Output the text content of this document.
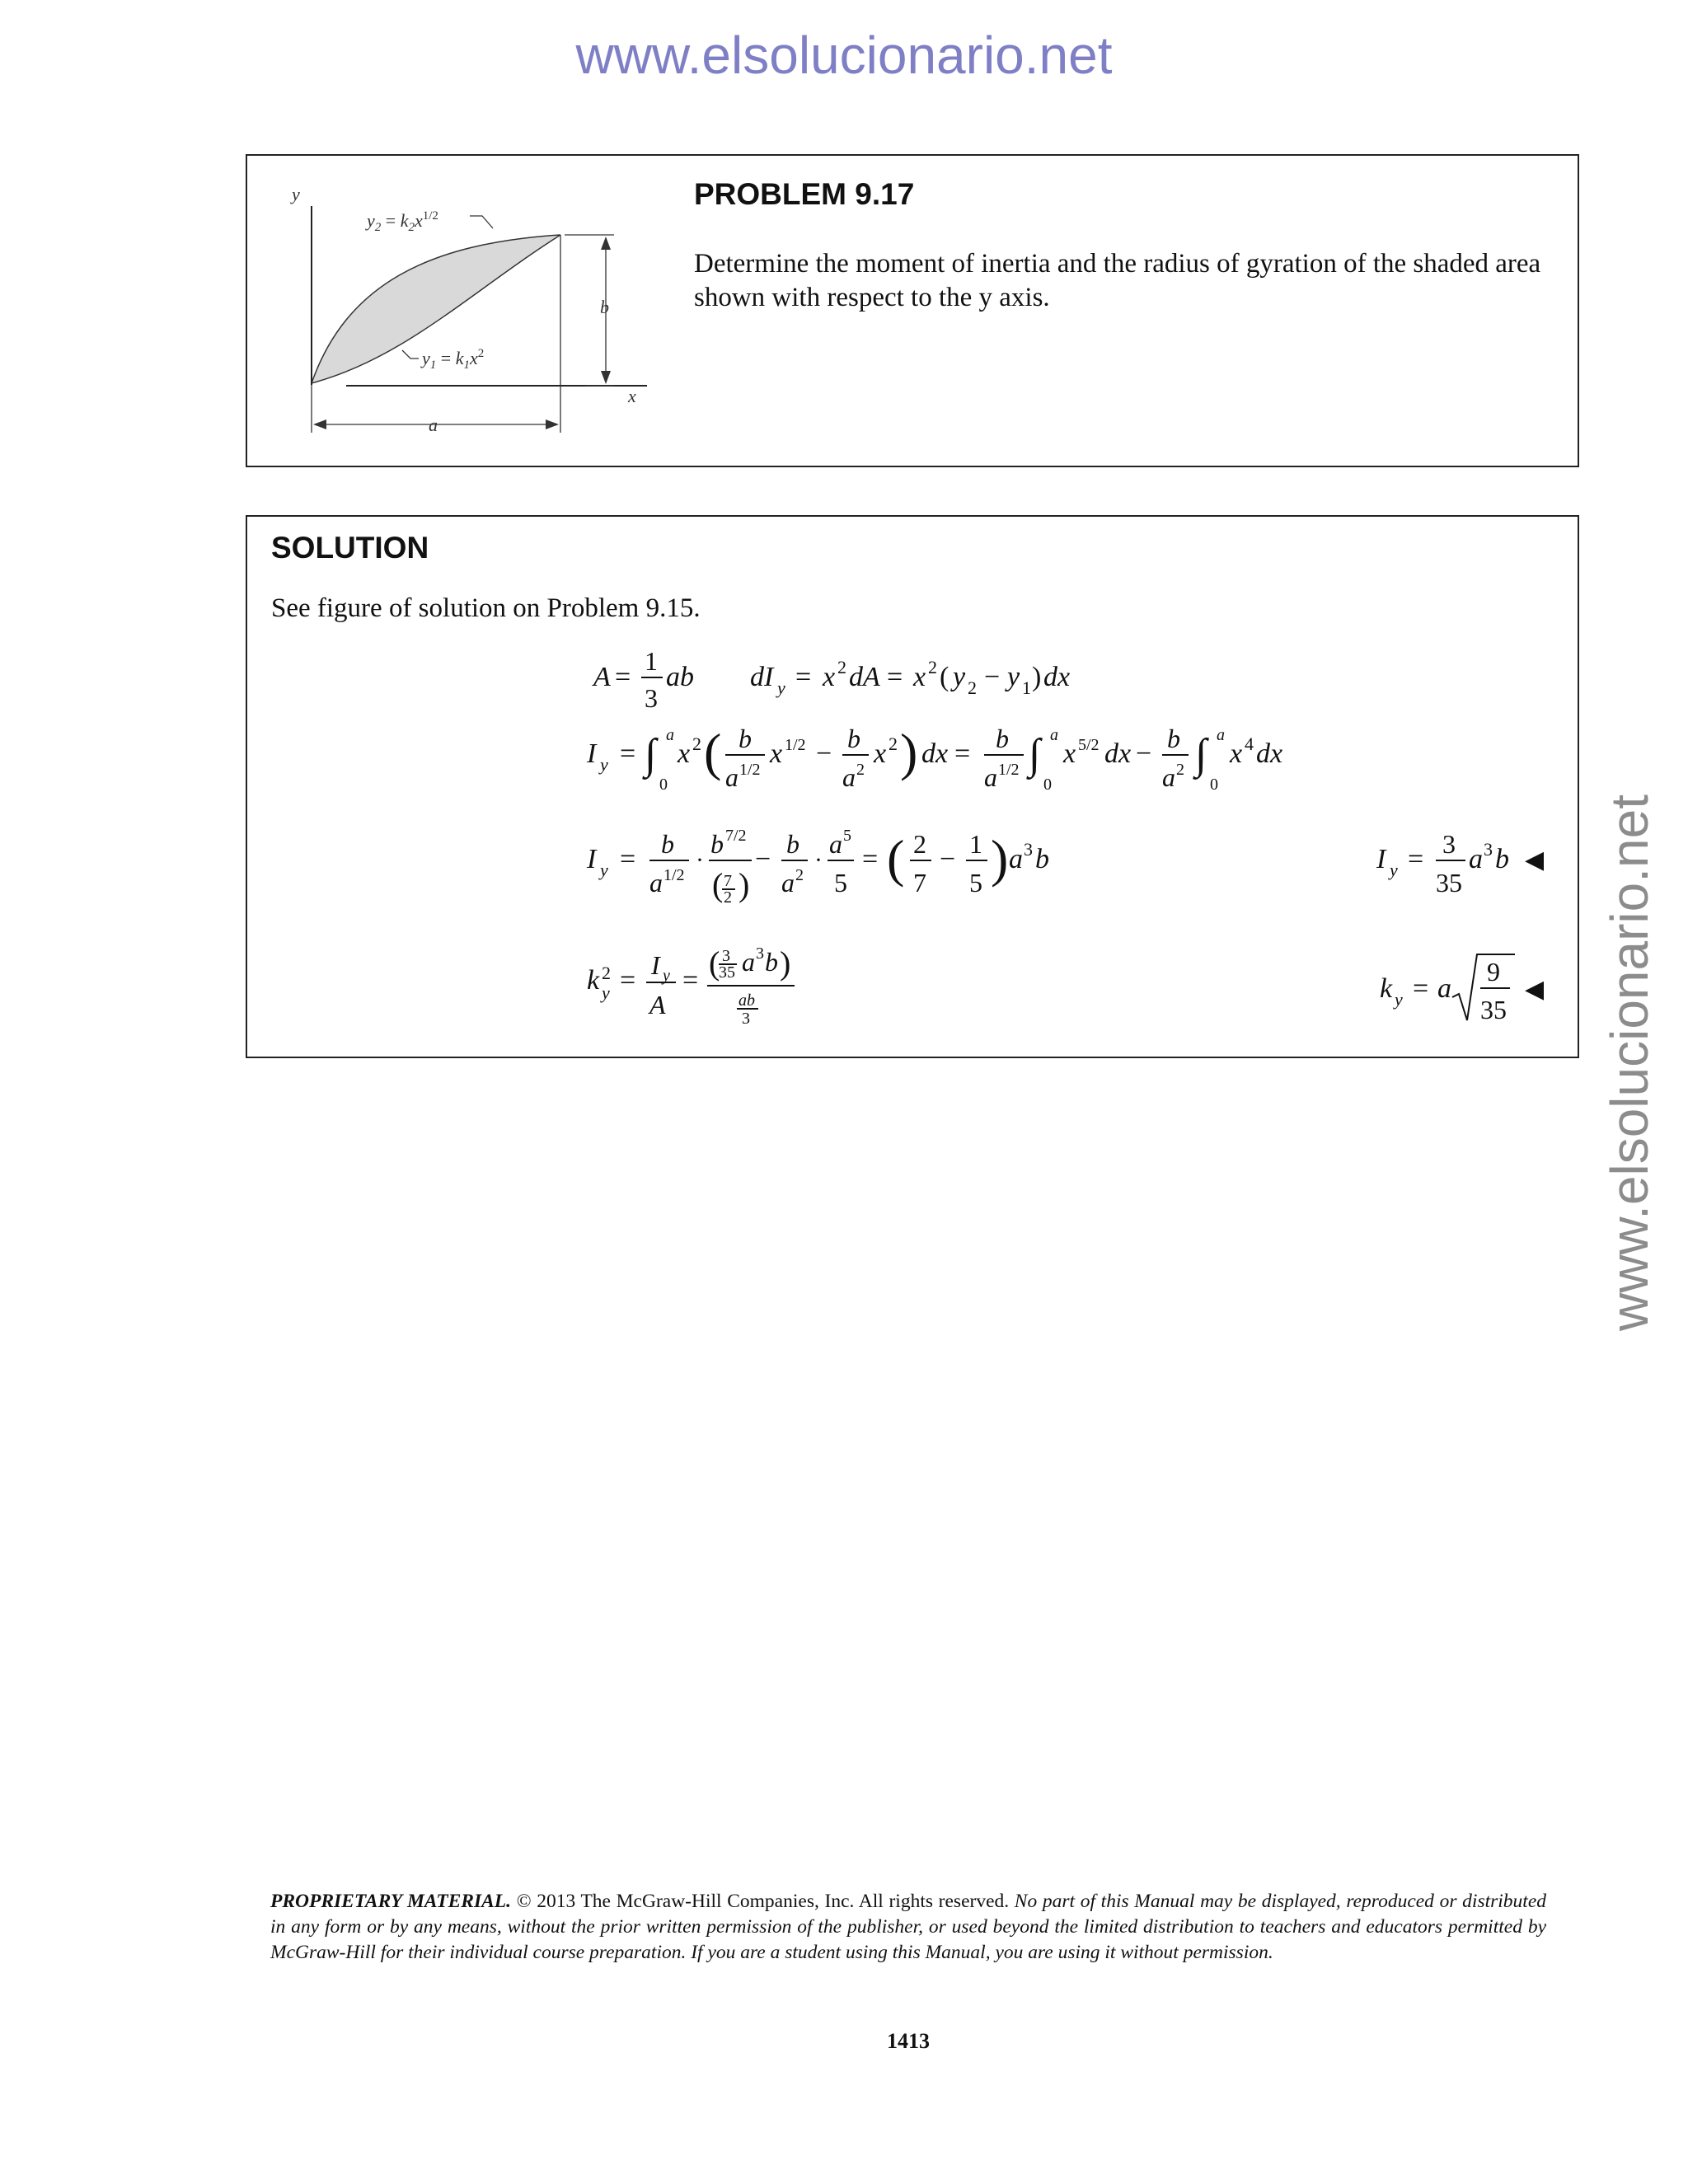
www.elsolucionario.net
www.elsolucionario.net
y
x
b
a
$y_2 = k_2x^{1/2}$
$y_1 = k_1x^2$
PROBLEM 9.17
Determine the moment of inertia and the radius of gyration of the shaded area shown with respect to the y axis.
SOLUTION
See figure of solution on Problem 9.15.
A =
1
3
ab dI y = x 2 dA = x 2 ( y 2 − y 1 ) dx
I y = ∫ a
0
x 2 ( b
a 1/2
x 1/2 − b
a 2
x 2 ) dx = b
a 1/2 ∫ a
0
x 5/2 dx − b
a 2 ∫ a
0
x 4 dx
I y = b
a 1/2
·
b 7/2
( 7
2 )
− b
a 2
·
a 5
5
= ( 2
7
− 1
5 ) a 3 b
k 2
y = I y
A
= ( 3
35 a 3 b )
ab
3
I y = 3
35
a 3 b ◀
k y = a
9
35
◀
PROPRIETARY MATERIAL. © 2013 The McGraw-Hill Companies, Inc. All rights reserved. No part of this Manual may be displayed, reproduced or distributed in any form or by any means, without the prior written permission of the publisher, or used beyond the limited distribution to teachers and educators permitted by McGraw-Hill for their individual course preparation. If you are a student using this Manual, you are using it without permission.
1413
